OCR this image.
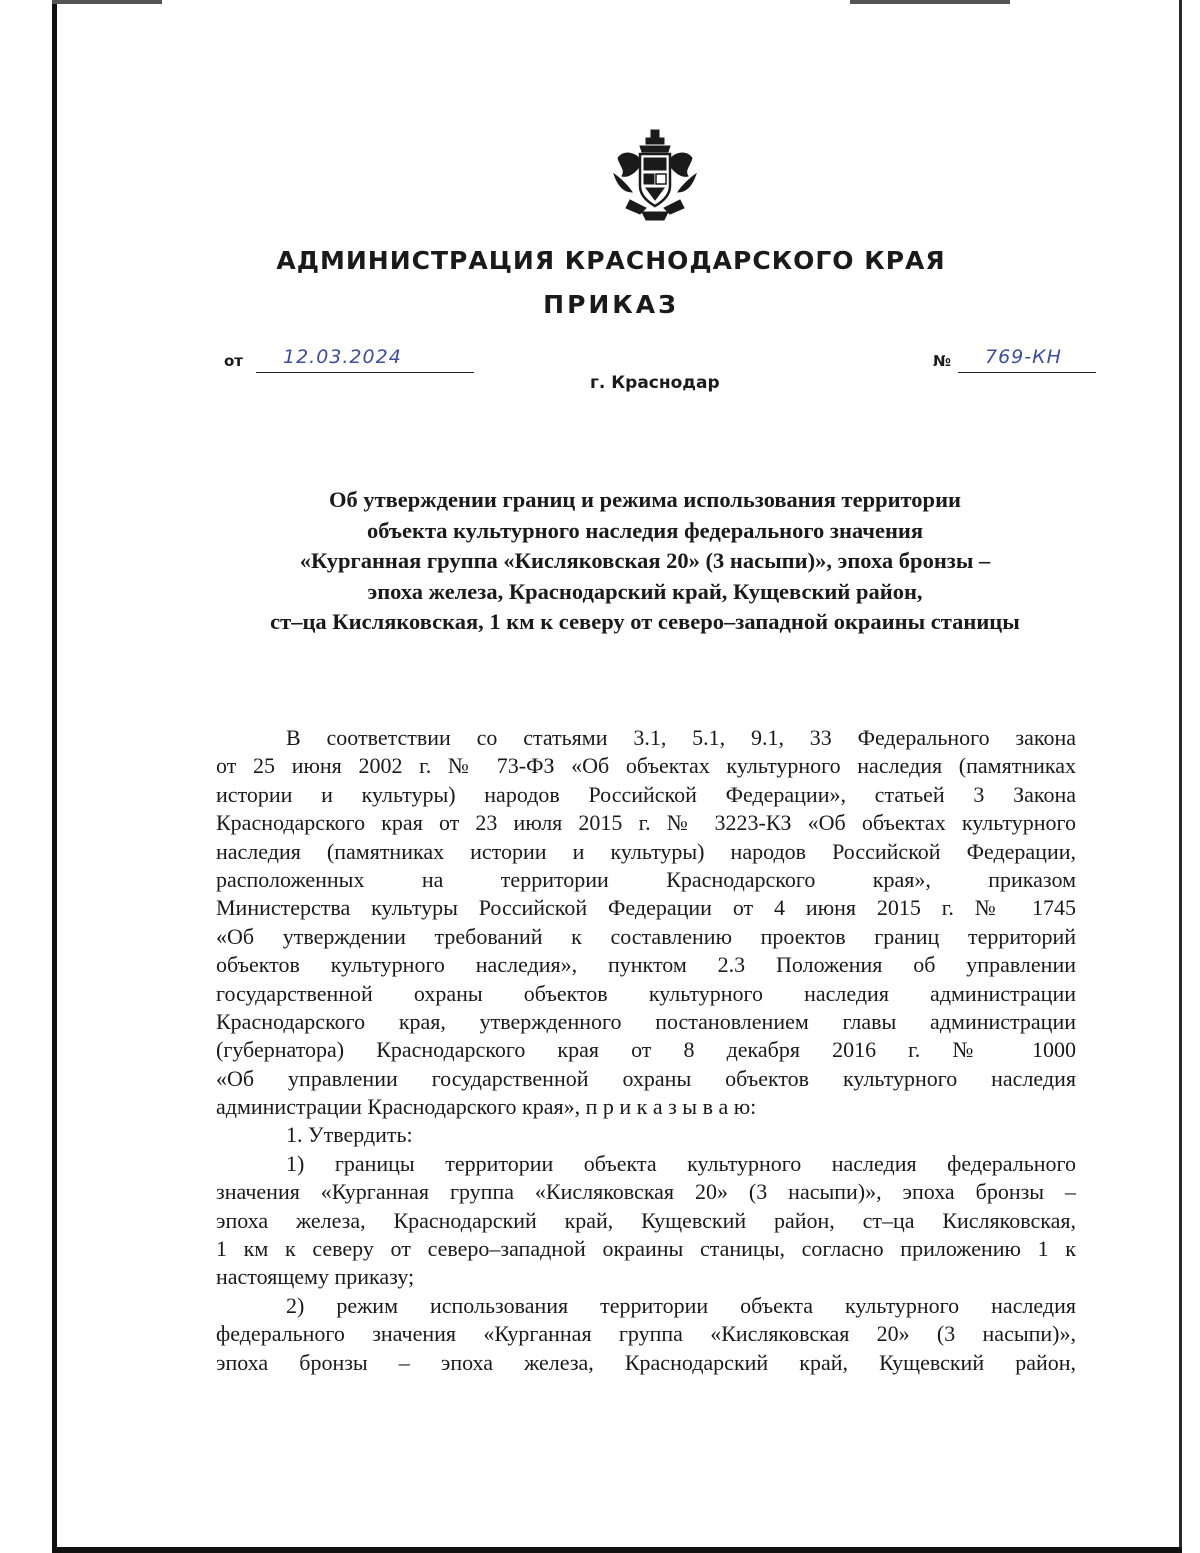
АДМИНИСТРАЦИЯ КРАСНОДАРСКОГО КРАЯ
ПРИКАЗ
от 12.03.2024	№ 769-КН
г. Краснодар
Об утверждении границ и режима использования территории
объекта культурного наследия федерального значения
«Курганная группа «Кисляковская 20» (3 насыпи)», эпоха бронзы –
эпоха железа, Краснодарский край, Кущевский район,
ст–ца Кисляковская, 1 км к северу от северо–западной окраины станицы
В соответствии со статьями 3.1, 5.1, 9.1, 33 Федерального закона
от 25 июня 2002 г. № 73-ФЗ «Об объектах культурного наследия (памятниках
истории и культуры) народов Российской Федерации», статьей 3 Закона
Краснодарского края от 23 июля 2015 г. № 3223-КЗ «Об объектах культурного
наследия (памятниках истории и культуры) народов Российской Федерации,
расположенных на территории Краснодарского края», приказом
Министерства культуры Российской Федерации от 4 июня 2015 г. № 1745
«Об утверждении требований к составлению проектов границ территорий
объектов культурного наследия», пунктом 2.3 Положения об управлении
государственной охраны объектов культурного наследия администрации
Краснодарского края, утвержденного постановлением главы администрации
(губернатора) Краснодарского края от 8 декабря 2016 г. № 1000
«Об управлении государственной охраны объектов культурного наследия
администрации Краснодарского края», п р и к а з ы в а ю:
1. Утвердить:
1) границы территории объекта культурного наследия федерального
значения «Курганная группа «Кисляковская 20» (3 насыпи)», эпоха бронзы –
эпоха железа, Краснодарский край, Кущевский район, ст–ца Кисляковская,
1 км к северу от северо–западной окраины станицы, согласно приложению 1 к
настоящему приказу;
2) режим использования территории объекта культурного наследия
федерального значения «Курганная группа «Кисляковская 20» (3 насыпи)»,
эпоха бронзы – эпоха железа, Краснодарский край, Кущевский район,
